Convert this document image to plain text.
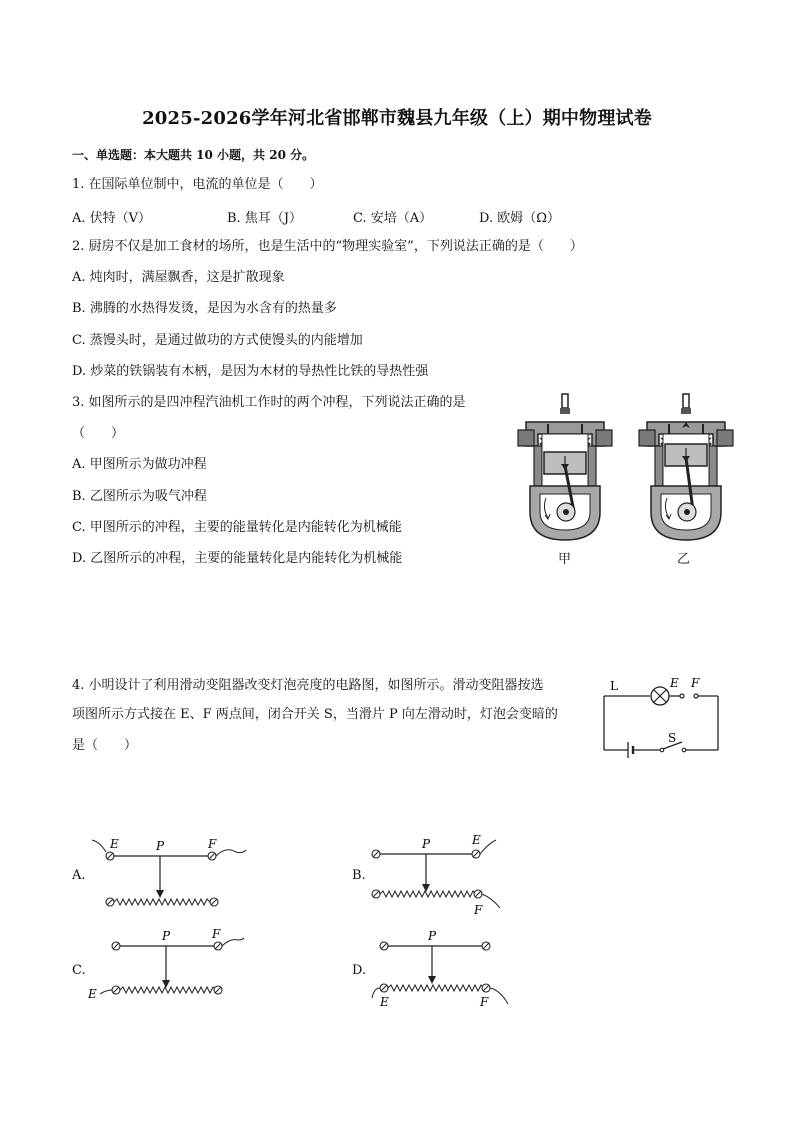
2025-2026学年河北省邯郸市魏县九年级（上）期中物理试卷
一、单选题：本大题共 10 小题，共 20 分。
1. 在国际单位制中，电流的单位是（　　）
A. 伏特（V）	B. 焦耳（J）	C. 安培（A）	D. 欧姆（Ω）
2. 厨房不仅是加工食材的场所，也是生活中的“物理实验室”，下列说法正确的是（　　）
A. 炖肉时，满屋飘香，这是扩散现象
B. 沸腾的水热得发烫，是因为水含有的热量多
C. 蒸馒头时，是通过做功的方式使馒头的内能增加
D. 炒菜的铁锅装有木柄，是因为木材的导热性比铁的导热性强
3. 如图所示的是四冲程汽油机工作时的两个冲程，下列说法正确的是
（　　）
A. 甲图所示为做功冲程
B. 乙图所示为吸气冲程
C. 甲图所示的冲程，主要的能量转化是内能转化为机械能
D. 乙图所示的冲程，主要的能量转化是内能转化为机械能	甲	乙
4. 小明设计了利用滑动变阻器改变灯泡亮度的电路图，如图所示。滑动变阻器按选
项图所示方式接在 E、F 两点间，闭合开关 S，当滑片 P 向左滑动时，灯泡会变暗的
是（　　）
L	E F
S
A.
E	P	F
B.
P	E
F
C.
P	F
E
D.
P
E	F
